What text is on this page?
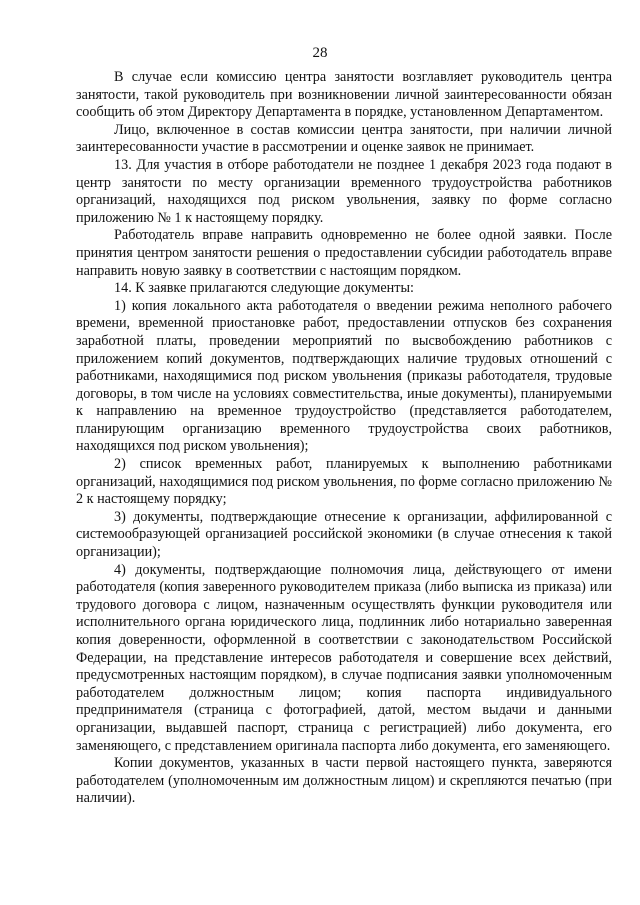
28

В случае если комиссию центра занятости возглавляет руководитель центра занятости, такой руководитель при возникновении личной заинтересованности обязан сообщить об этом Директору Департамента в порядке, установленном Департаментом.

Лицо, включенное в состав комиссии центра занятости, при наличии личной заинтересованности участие в рассмотрении и оценке заявок не принимает.

13. Для участия в отборе работодатели не позднее 1 декабря 2023 года подают в центр занятости по месту организации временного трудоустройства работников организаций, находящихся под риском увольнения, заявку по форме согласно приложению № 1 к настоящему порядку.

Работодатель вправе направить одновременно не более одной заявки. После принятия центром занятости решения о предоставлении субсидии работодатель вправе направить новую заявку в соответствии с настоящим порядком.

14. К заявке прилагаются следующие документы:

1) копия локального акта работодателя о введении режима неполного рабочего времени, временной приостановке работ, предоставлении отпусков без сохранения заработной платы, проведении мероприятий по высвобождению работников с приложением копий документов, подтверждающих наличие трудовых отношений с работниками, находящимися под риском увольнения (приказы работодателя, трудовые договоры, в том числе на условиях совместительства, иные документы), планируемыми к направлению на временное трудоустройство (представляется работодателем, планирующим организацию временного трудоустройства своих работников, находящихся под риском увольнения);

2) список временных работ, планируемых к выполнению работниками организаций, находящимися под риском увольнения, по форме согласно приложению № 2 к настоящему порядку;

3) документы, подтверждающие отнесение к организации, аффилированной с системообразующей организацией российской экономики (в случае отнесения к такой организации);

4) документы, подтверждающие полномочия лица, действующего от имени работодателя (копия заверенного руководителем приказа (либо выписка из приказа) или трудового договора с лицом, назначенным осуществлять функции руководителя или исполнительного органа юридического лица, подлинник либо нотариально заверенная копия доверенности, оформленной в соответствии с законодательством Российской Федерации, на представление интересов работодателя и совершение всех действий, предусмотренных настоящим порядком), в случае подписания заявки уполномоченным работодателем должностным лицом; копия паспорта индивидуального предпринимателя (страница с фотографией, датой, местом выдачи и данными организации, выдавшей паспорт, страница с регистрацией) либо документа, его заменяющего, с представлением оригинала паспорта либо документа, его заменяющего.

Копии документов, указанных в части первой настоящего пункта, заверяются работодателем (уполномоченным им должностным лицом) и скрепляются печатью (при наличии).
